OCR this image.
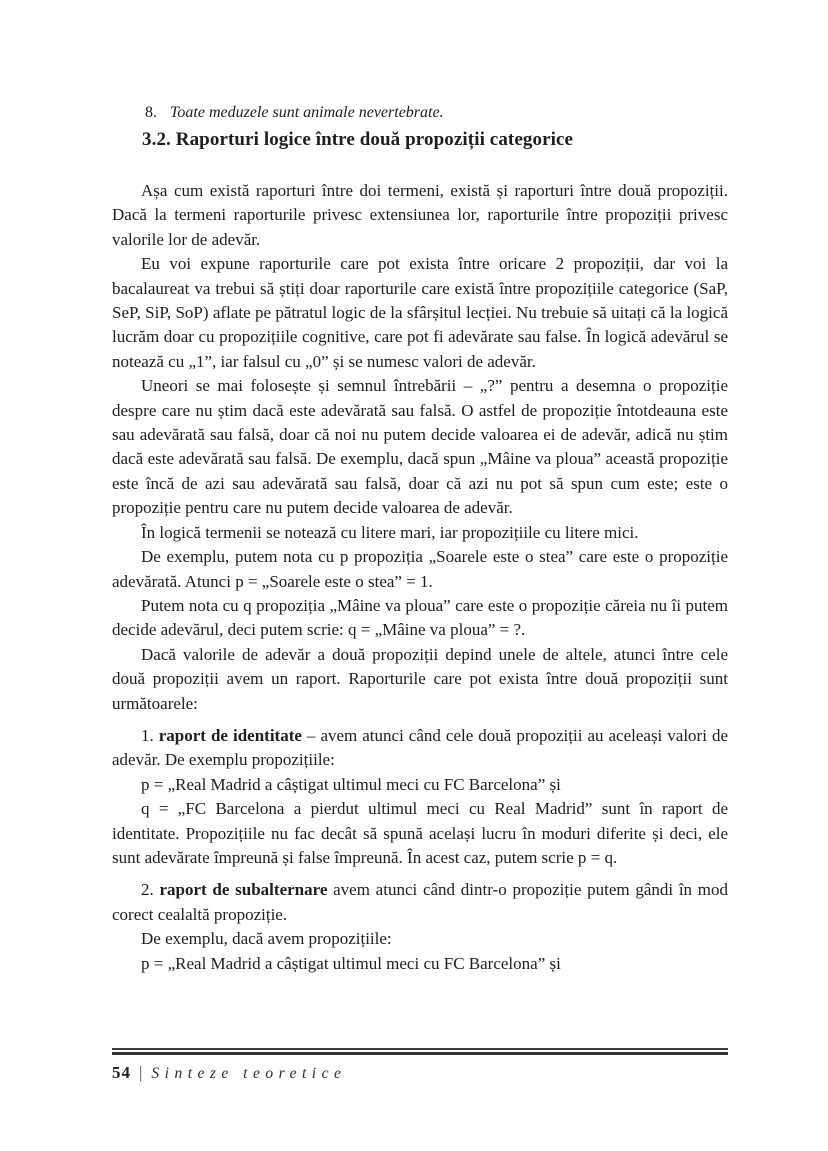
8. Toate meduzele sunt animale nevertebrate.
3.2. Raporturi logice între două propoziții categorice

Așa cum există raporturi între doi termeni, există și raporturi între două propoziții. Dacă la termeni raporturile privesc extensiunea lor, raporturile între propoziții privesc valorile lor de adevăr.

Eu voi expune raporturile care pot exista între oricare 2 propoziții, dar voi la bacalaureat va trebui să știți doar raporturile care există între propozițiile categorice (SaP, SeP, SiP, SoP) aflate pe pătratul logic de la sfârșitul lecției. Nu trebuie să uitați că la logică lucrăm doar cu propozițiile cognitive, care pot fi adevărate sau false. În logică adevărul se notează cu „1”, iar falsul cu „0” și se numesc valori de adevăr.

Uneori se mai folosește și semnul întrebării – „?” pentru a desemna o propoziție despre care nu știm dacă este adevărată sau falsă. O astfel de propoziție întotdeauna este sau adevărată sau falsă, doar că noi nu putem decide valoarea ei de adevăr, adică nu știm dacă este adevărată sau falsă. De exemplu, dacă spun „Mâine va ploua” această propoziție este încă de azi sau adevărată sau falsă, doar că azi nu pot să spun cum este; este o propoziție pentru care nu putem decide valoarea de adevăr.

În logică termenii se notează cu litere mari, iar propozițiile cu litere mici.

De exemplu, putem nota cu p propoziția „Soarele este o stea” care este o propoziție adevărată. Atunci p = „Soarele este o stea” = 1.

Putem nota cu q propoziția „Mâine va ploua” care este o propoziție căreia nu îi putem decide adevărul, deci putem scrie: q = „Mâine va ploua” = ?.

Dacă valorile de adevăr a două propoziții depind unele de altele, atunci între cele două propoziții avem un raport. Raporturile care pot exista între două propoziții sunt următoarele:

1. raport de identitate – avem atunci când cele două propoziții au aceleași valori de adevăr. De exemplu propozițiile:

p = „Real Madrid a câștigat ultimul meci cu FC Barcelona” și

q = „FC Barcelona a pierdut ultimul meci cu Real Madrid” sunt în raport de identitate. Propozițiile nu fac decât să spună același lucru în moduri diferite și deci, ele sunt adevărate împreună și false împreună. În acest caz, putem scrie p = q.

2. raport de subalternare avem atunci când dintr-o propoziție putem gândi în mod corect cealaltă propoziție.

De exemplu, dacă avem propozițiile:

p = „Real Madrid a câștigat ultimul meci cu FC Barcelona” și

54 | Sinteze teoretice
